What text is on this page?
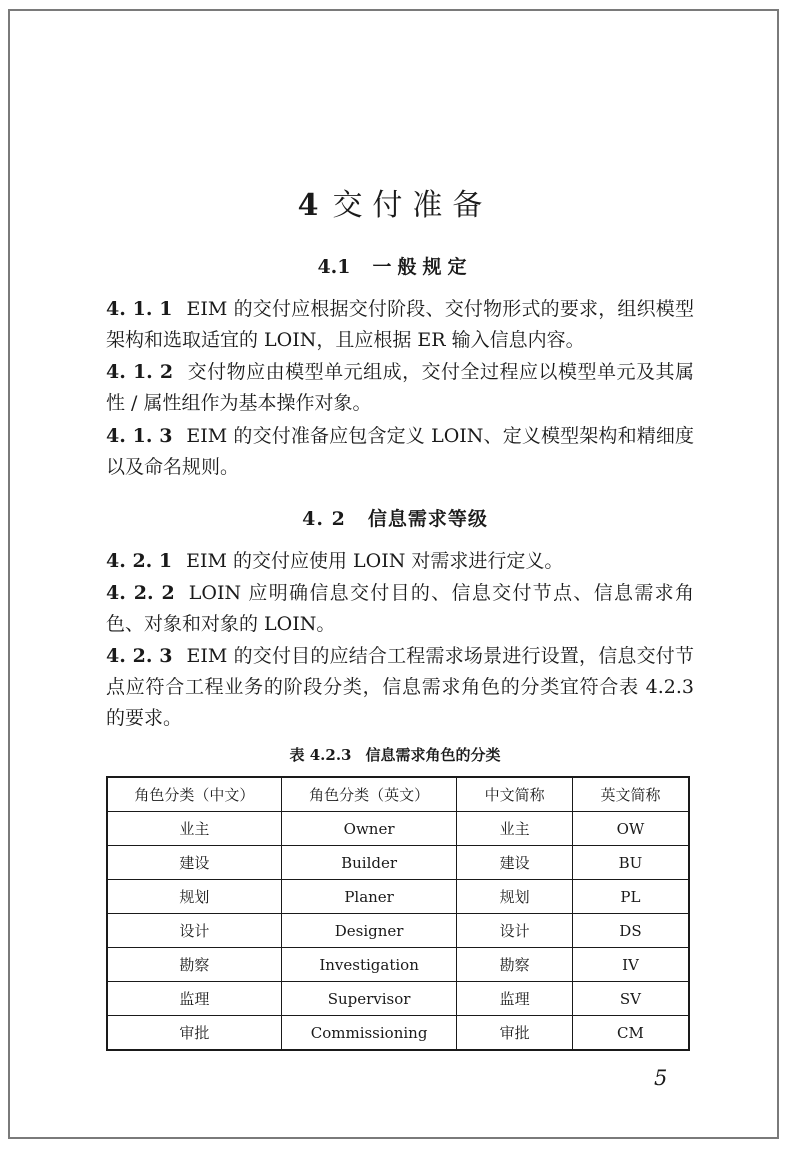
4 交付准备
4.1 一般规定
4. 1. 1 EIM 的交付应根据交付阶段、交付物形式的要求，组织模型架构和选取适宜的 LOIN，且应根据 ER 输入信息内容。
4. 1. 2 交付物应由模型单元组成，交付全过程应以模型单元及其属性 / 属性组作为基本操作对象。
4. 1. 3 EIM 的交付准备应包含定义 LOIN、定义模型架构和精细度以及命名规则。
4. 2 信息需求等级
4. 2. 1 EIM 的交付应使用 LOIN 对需求进行定义。
4. 2. 2 LOIN 应明确信息交付目的、信息交付节点、信息需求角色、对象和对象的 LOIN。
4. 2. 3 EIM 的交付目的应结合工程需求场景进行设置，信息交付节点应符合工程业务的阶段分类，信息需求角色的分类宜符合表 4.2.3 的要求。
表 4.2.3 信息需求角色的分类
角色分类（中文）	角色分类（英文）	中文简称	英文简称
业主	Owner	业主	OW
建设	Builder	建设	BU
规划	Planer	规划	PL
设计	Designer	设计	DS
勘察	Investigation	勘察	IV
监理	Supervisor	监理	SV
审批	Commissioning	审批	CM
5
